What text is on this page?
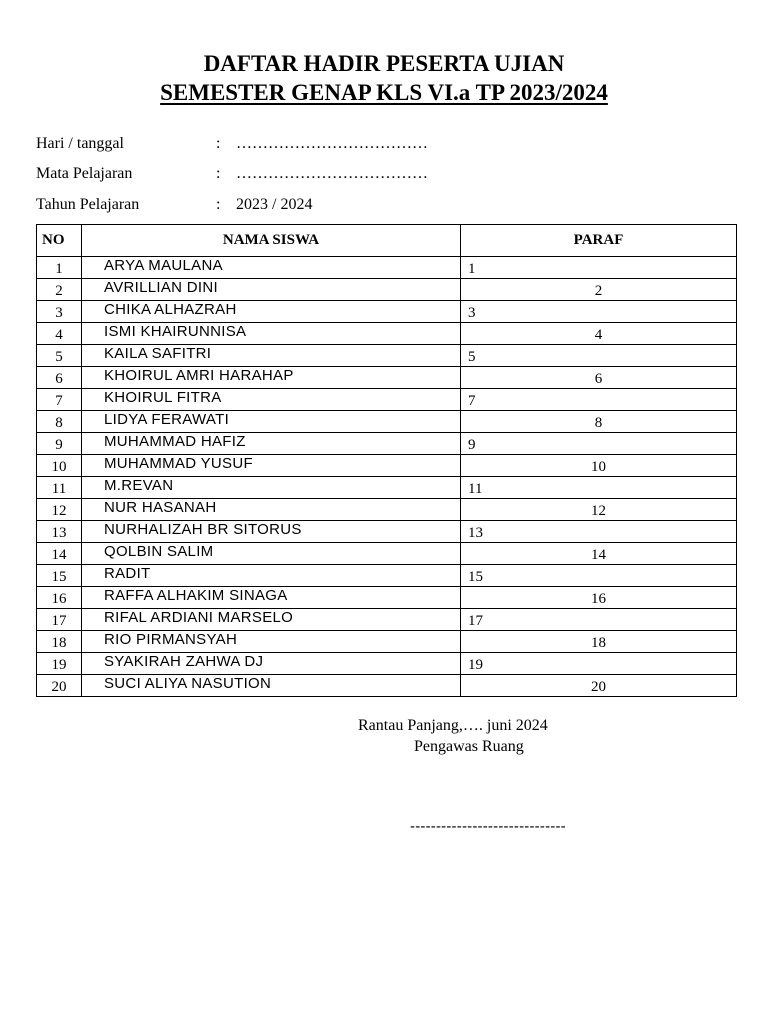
DAFTAR HADIR PESERTA UJIAN
SEMESTER GENAP KLS VI.a TP 2023/2024
Hari / tanggal	: ………………………………
Mata Pelajaran	: ………………………………
Tahun Pelajaran	: 2023 / 2024
NO	NAMA SISWA	PARAF
1	ARYA MAULANA	1
2	AVRILLIAN DINI	2
3	CHIKA ALHAZRAH	3
4	ISMI KHAIRUNNISA	4
5	KAILA SAFITRI	5
6	KHOIRUL AMRI HARAHAP	6
7	KHOIRUL FITRA	7
8	LIDYA FERAWATI	8
9	MUHAMMAD HAFIZ	9
10	MUHAMMAD YUSUF	10
11	M.REVAN	11
12	NUR HASANAH	12
13	NURHALIZAH BR SITORUS	13
14	QOLBIN SALIM	14
15	RADIT	15
16	RAFFA ALHAKIM SINAGA	16
17	RIFAL ARDIANI MARSELO	17
18	RIO PIRMANSYAH	18
19	SYAKIRAH ZAHWA DJ	19
20	SUCI ALIYA NASUTION	20
Rantau Panjang,…. juni 2024
Pengawas Ruang
------------------------------
